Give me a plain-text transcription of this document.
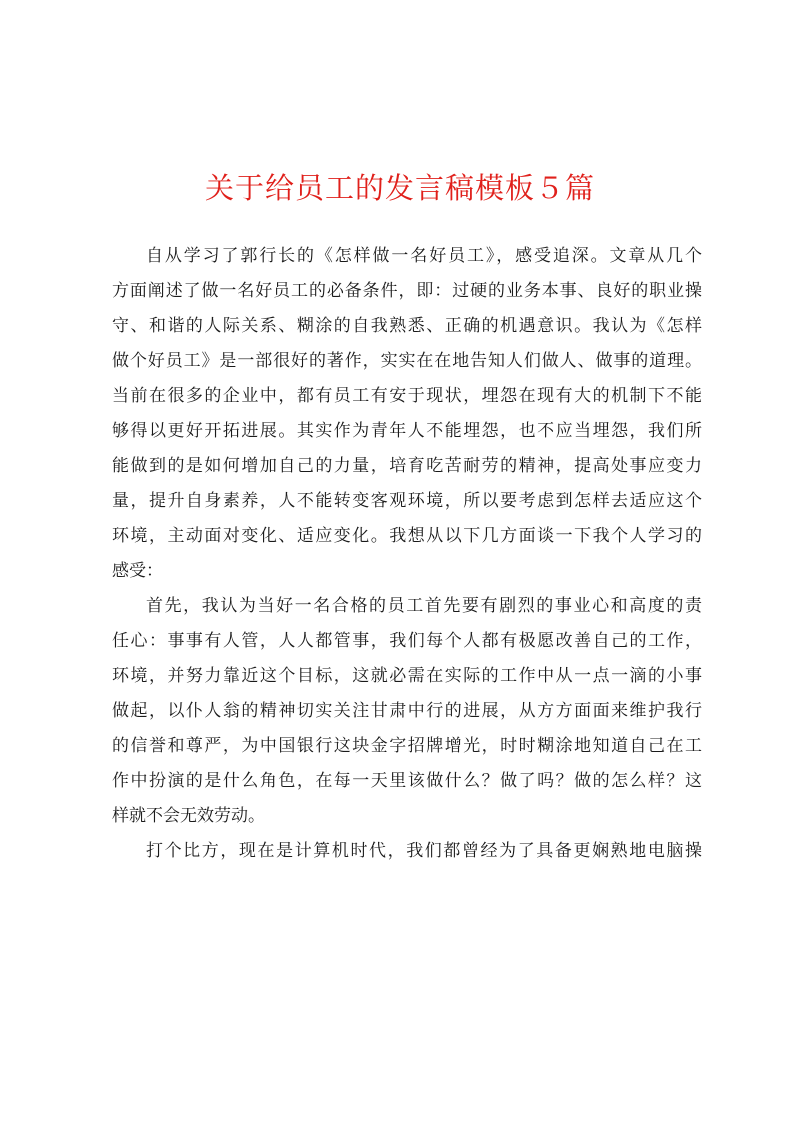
关于给员工的发言稿模板５篇
自从学习了郭行长的《怎样做一名好员工》，感受追深。文章从几个
方面阐述了做一名好员工的必备条件，即：过硬的业务本事、良好的职业操
守、和谐的人际关系、糊涂的自我熟悉、正确的机遇意识。我认为《怎样
做个好员工》是一部很好的著作，实实在在地告知人们做人、做事的道理。
当前在很多的企业中，都有员工有安于现状，埋怨在现有大的机制下不能
够得以更好开拓进展。其实作为青年人不能埋怨，也不应当埋怨，我们所
能做到的是如何增加自己的力量，培育吃苦耐劳的精神，提高处事应变力
量，提升自身素养，人不能转变客观环境，所以要考虑到怎样去适应这个
环境，主动面对变化、适应变化。我想从以下几方面谈一下我个人学习的
感受：
首先，我认为当好一名合格的员工首先要有剧烈的事业心和高度的责
任心：事事有人管，人人都管事，我们每个人都有极愿改善自己的工作，
环境，并努力靠近这个目标，这就必需在实际的工作中从一点一滴的小事
做起，以仆人翁的精神切实关注甘肃中行的进展，从方方面面来维护我行
的信誉和尊严，为中国银行这块金字招牌增光，时时糊涂地知道自己在工
作中扮演的是什么角色，在每一天里该做什么？做了吗？做的怎么样？这
样就不会无效劳动。
打个比方，现在是计算机时代，我们都曾经为了具备更娴熟地电脑操
